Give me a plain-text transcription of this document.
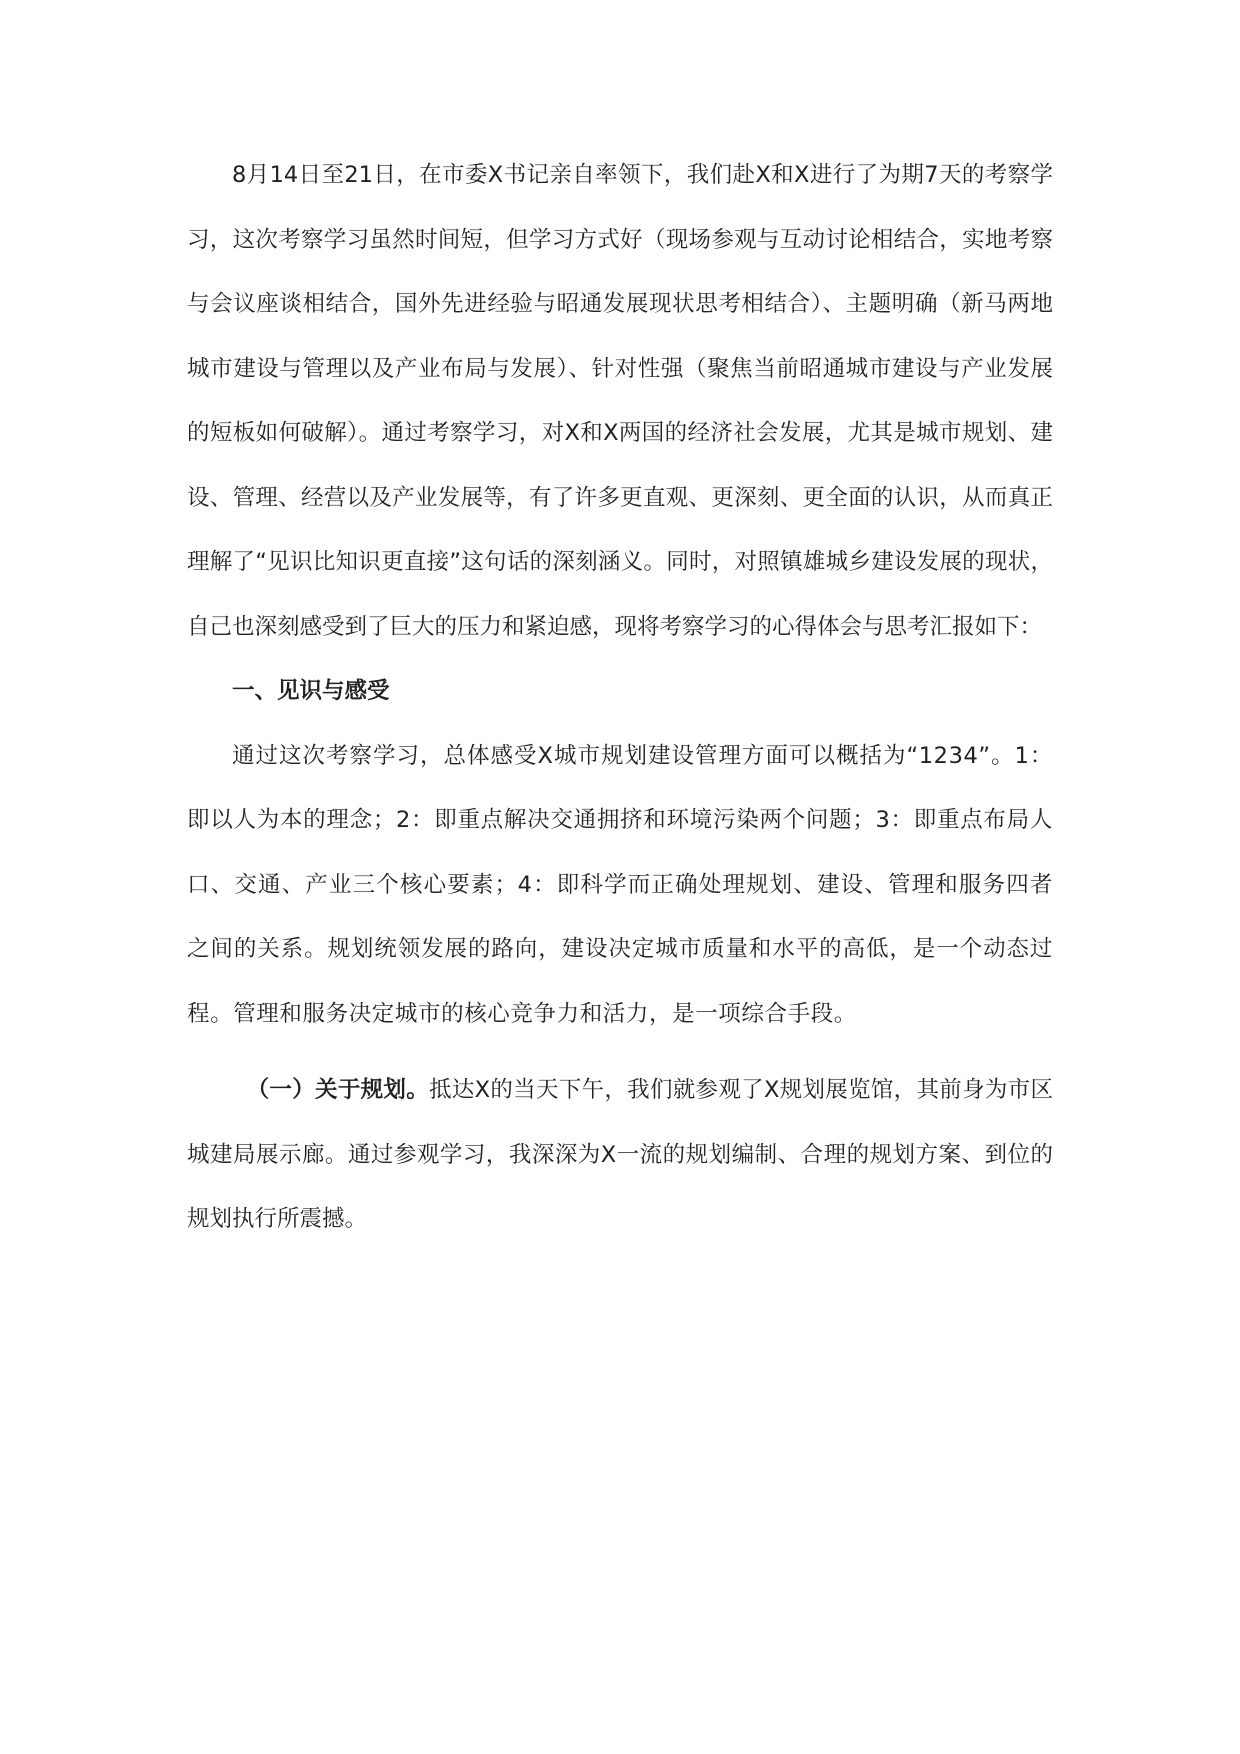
8月14日至21日，在市委X书记亲自率领下，我们赴X和X进行了为期7天的考察学习，这次考察学习虽然时间短，但学习方式好（现场参观与互动讨论相结合，实地考察与会议座谈相结合，国外先进经验与昭通发展现状思考相结合）、主题明确（新马两地城市建设与管理以及产业布局与发展）、针对性强（聚焦当前昭通城市建设与产业发展的短板如何破解）。通过考察学习，对X和X两国的经济社会发展，尤其是城市规划、建设、管理、经营以及产业发展等，有了许多更直观、更深刻、更全面的认识，从而真正理解了“见识比知识更直接”这句话的深刻涵义。同时，对照镇雄城乡建设发展的现状，自己也深刻感受到了巨大的压力和紧迫感，现将考察学习的心得体会与思考汇报如下：

一、见识与感受

通过这次考察学习，总体感受X城市规划建设管理方面可以概括为“1234”。1：即以人为本的理念；2：即重点解决交通拥挤和环境污染两个问题；3：即重点布局人口、交通、产业三个核心要素；4：即科学而正确处理规划、建设、管理和服务四者之间的关系。规划统领发展的路向，建设决定城市质量和水平的高低，是一个动态过程。管理和服务决定城市的核心竞争力和活力，是一项综合手段。

（一）关于规划。抵达X的当天下午，我们就参观了X规划展览馆，其前身为市区城建局展示廊。通过参观学习，我深深为X一流的规划编制、合理的规划方案、到位的规划执行所震撼。
